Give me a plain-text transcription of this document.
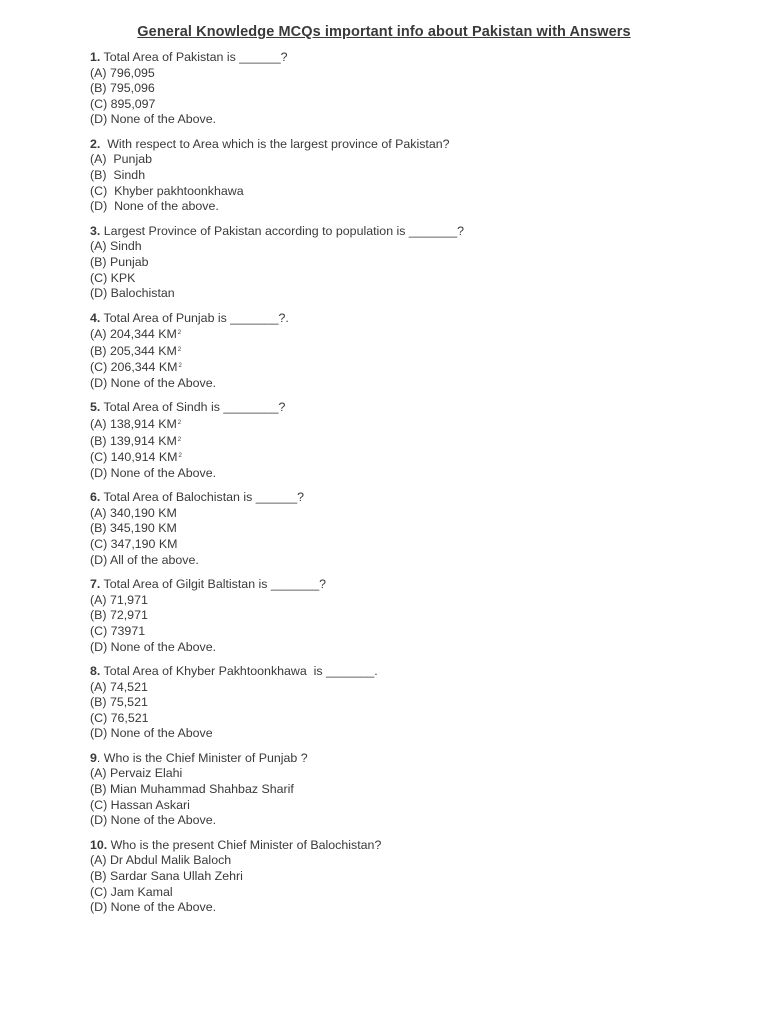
General Knowledge MCQs important info about Pakistan with Answers
1. Total Area of Pakistan is ______?
(A) 796,095
(B) 795,096
(C) 895,097
(D) None of the Above.
2.  With respect to Area which is the largest province of Pakistan?
(A)  Punjab
(B)  Sindh
(C)  Khyber pakhtoonkhawa
(D)  None of the above.
3. Largest Province of Pakistan according to population is _______?
(A) Sindh
(B) Punjab
(C) KPK
(D) Balochistan
4. Total Area of Punjab is _______?.
(A) 204,344 $KM^2$
(B) 205,344 $KM^2$
(C) 206,344 $KM^2$
(D) None of the Above.
5. Total Area of Sindh is ________?
(A) 138,914 $KM^2$
(B) 139,914 $KM^2$
(C) 140,914 $KM^2$
(D) None of the Above.
6. Total Area of Balochistan is ______?
(A) 340,190 KM
(B) 345,190 KM
(C) 347,190 KM
(D) All of the above.
7. Total Area of Gilgit Baltistan is _______?
(A) 71,971
(B) 72,971
(C) 73971
(D) None of the Above.
8. Total Area of Khyber Pakhtoonkhawa  is _______.
(A) 74,521
(B) 75,521
(C) 76,521
(D) None of the Above
9. Who is the Chief Minister of Punjab ?
(A) Pervaiz Elahi
(B) Mian Muhammad Shahbaz Sharif
(C) Hassan Askari
(D) None of the Above.
10. Who is the present Chief Minister of Balochistan?
(A) Dr Abdul Malik Baloch
(B) Sardar Sana Ullah Zehri
(C) Jam Kamal
(D) None of the Above.
